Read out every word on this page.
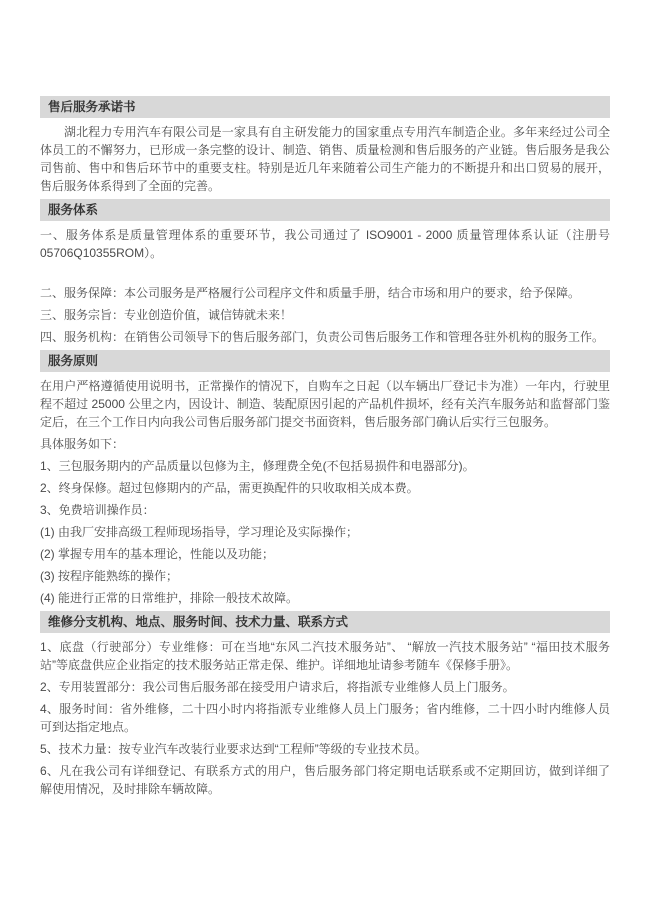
售后服务承诺书

湖北程力专用汽车有限公司是一家具有自主研发能力的国家重点专用汽车制造企业。多年来经过公司全体员工的不懈努力，已形成一条完整的设计、制造、销售、质量检测和售后服务的产业链。售后服务是我公司售前、售中和售后环节中的重要支柱。特别是近几年来随着公司生产能力的不断提升和出口贸易的展开，售后服务体系得到了全面的完善。

服务体系

一、服务体系是质量管理体系的重要环节，我公司通过了 ISO9001 - 2000 质量管理体系认证（注册号 05706Q10355ROM）。

二、服务保障：本公司服务是严格履行公司程序文件和质量手册，结合市场和用户的要求，给予保障。

三、服务宗旨：专业创造价值，诚信铸就未来！

四、服务机构：在销售公司领导下的售后服务部门，负责公司售后服务工作和管理各驻外机构的服务工作。

服务原则

在用户严格遵循使用说明书，正常操作的情况下，自购车之日起（以车辆出厂登记卡为准）一年内，行驶里程不超过 25000 公里之内，因设计、制造、装配原因引起的产品机件损坏，经有关汽车服务站和监督部门鉴定后，在三个工作日内向我公司售后服务部门提交书面资料，售后服务部门确认后实行三包服务。

具体服务如下：

1、三包服务期内的产品质量以包修为主，修理费全免(不包括易损件和电器部分)。

2、终身保修。超过包修期内的产品，需更换配件的只收取相关成本费。

3、免费培训操作员：

(1) 由我厂安排高级工程师现场指导，学习理论及实际操作；

(2) 掌握专用车的基本理论，性能以及功能；

(3) 按程序能熟练的操作；

(4) 能进行正常的日常维护，排除一般技术故障。

维修分支机构、地点、服务时间、技术力量、联系方式

1、底盘（行驶部分）专业维修：可在当地“东风二汽技术服务站”、 “解放一汽技术服务站” “福田技术服务站”等底盘供应企业指定的技术服务站正常走保、维护。详细地址请参考随车《保修手册》。

2、专用装置部分：我公司售后服务部在接受用户请求后，将指派专业维修人员上门服务。

4、服务时间：省外维修，二十四小时内将指派专业维修人员上门服务；省内维修，二十四小时内维修人员可到达指定地点。

5、技术力量：按专业汽车改装行业要求达到“工程师”等级的专业技术员。

6、凡在我公司有详细登记、有联系方式的用户，售后服务部门将定期电话联系或不定期回访，做到详细了解使用情况，及时排除车辆故障。
